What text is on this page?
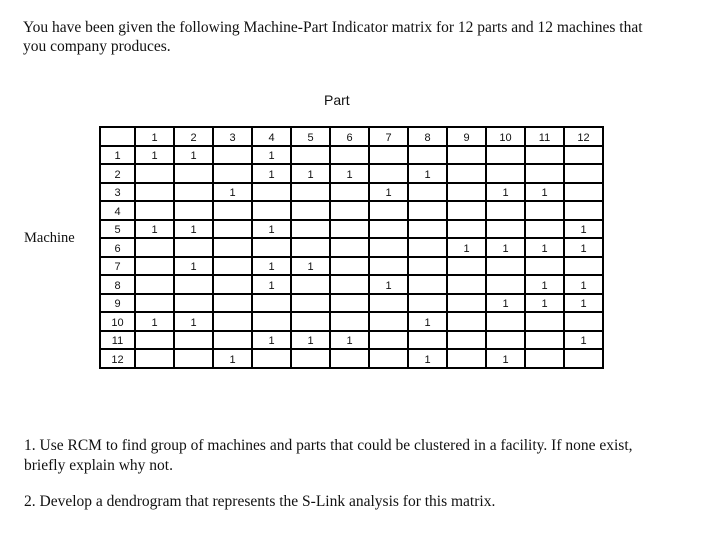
You have been given the following Machine-Part Indicator matrix for 12 parts and 12 machines that you company produces.
Part
Machine
	1	2	3	4	5	6	7	8	9	10	11	12
1	1	1		1								
2				1	1	1		1				
3			1				1			1	1	
4												
5	1	1		1								1
6									1	1	1	1
7		1		1	1							
8				1			1				1	1
9										1	1	1
10	1	1						1				
11				1	1	1						1
12			1					1		1		

1. Use RCM to find group of machines and parts that could be clustered in a facility. If none exist, briefly explain why not.

2. Develop a dendrogram that represents the S-Link analysis for this matrix.
